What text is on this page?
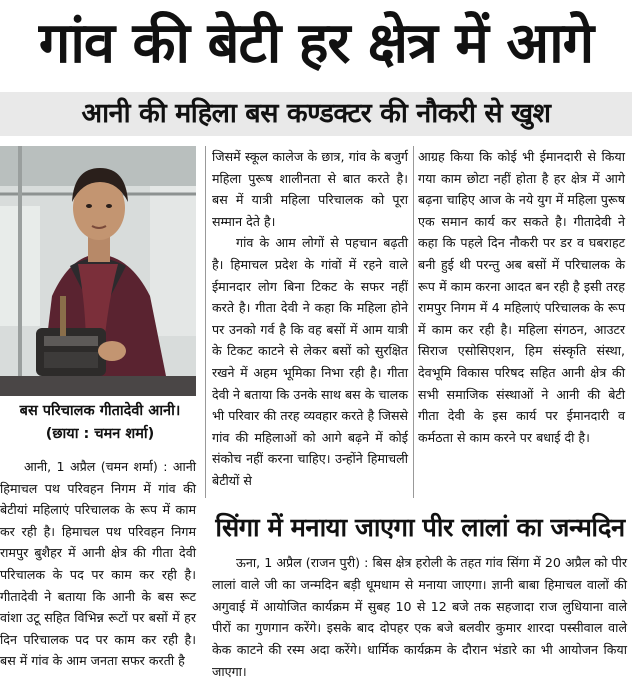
गांव की बेटी हर क्षेत्र में आगे
आनी की महिला बस कण्डक्टर की नौकरी से खुश
बस परिचालक गीतादेवी आनी।
(छाया : चमन शर्मा)

आनी, 1 अप्रैल (चमन शर्मा) : आनी हिमाचल पथ परिवहन निगम में गांव की बेटीयां महिलाएं परिचालक के रूप में काम कर रही है। हिमाचल पथ परिवहन निगम रामपुर बुशैहर में आनी क्षेत्र की गीता देवी परिचालक के पद पर काम कर रही है। गीतादेवी ने बताया कि आनी के बस रूट वांशा उटू सहित विभिन्न रूटों पर बसों में हर दिन परिचालक पद पर काम कर रही है। बस में गांव के आम जनता सफर करती है

जिसमें स्कूल कालेज के छात्र, गांव के बजुर्ग महिला पुरूष शालीनता से बात करते है। बस में यात्री महिला परिचालक को पूरा सम्मान देते है।

गांव के आम लोगों से पहचान बढ़ती है। हिमाचल प्रदेश के गांवों में रहने वाले ईमानदार लोग बिना टिकट के सफर नहीं करते है। गीता देवी ने कहा कि महिला होने पर उनको गर्व है कि वह बसों में आम यात्री के टिकट काटने से लेकर बसों को सुरक्षित रखने में अहम भूमिका निभा रही है। गीता देवी ने बताया कि उनके साथ बस के चालक भी परिवार की तरह व्यवहार करते है जिससे गांव की महिलाओं को आगे बढ़ने में कोई संकोच नहीं करना चाहिए। उन्होंने हिमाचली बेटीयों से

आग्रह किया कि कोई भी ईमानदारी से किया गया काम छोटा नहीं होता है हर क्षेत्र में आगे बढ़ना चाहिए आज के नये युग में महिला पुरूष एक समान कार्य कर सकते है। गीतादेवी ने कहा कि पहले दिन नौकरी पर डर व घबराहट बनी हुई थी परन्तु अब बसों में परिचालक के रूप में काम करना आदत बन रही है इसी तरह रामपुर निगम में 4 महिलाएं परिचालक के रूप में काम कर रही है। महिला संगठन, आउटर सिराज एसोसिएशन, हिम संस्कृति संस्था, देवभूमि विकास परिषद सहित आनी क्षेत्र की सभी समाजिक संस्थाओं ने आनी की बेटी गीता देवी के इस कार्य पर ईमानदारी व कर्मठता से काम करने पर बधाई दी है।

सिंगा में मनाया जाएगा पीर लालां का जन्मदिन

ऊना, 1 अप्रैल (राजन पुरी) : बिस क्षेत्र हरोली के तहत गांव सिंगा में 20 अप्रैल को पीर लालां वाले जी का जन्मदिन बड़ी धूमधाम से मनाया जाएगा। ज्ञानी बाबा हिमाचल वालों की अगुवाई में आयोजित कार्यक्रम में सुबह 10 से 12 बजे तक सहजादा राज लुधियाना वाले पीरों का गुणगान करेंगे। इसके बाद दोपहर एक बजे बलवीर कुमार शारदा पस्सीवाल वाले केक काटने की रस्म अदा करेंगे। धार्मिक कार्यक्रम के दौरान भंडारे का भी आयोजन किया जाएगा।
